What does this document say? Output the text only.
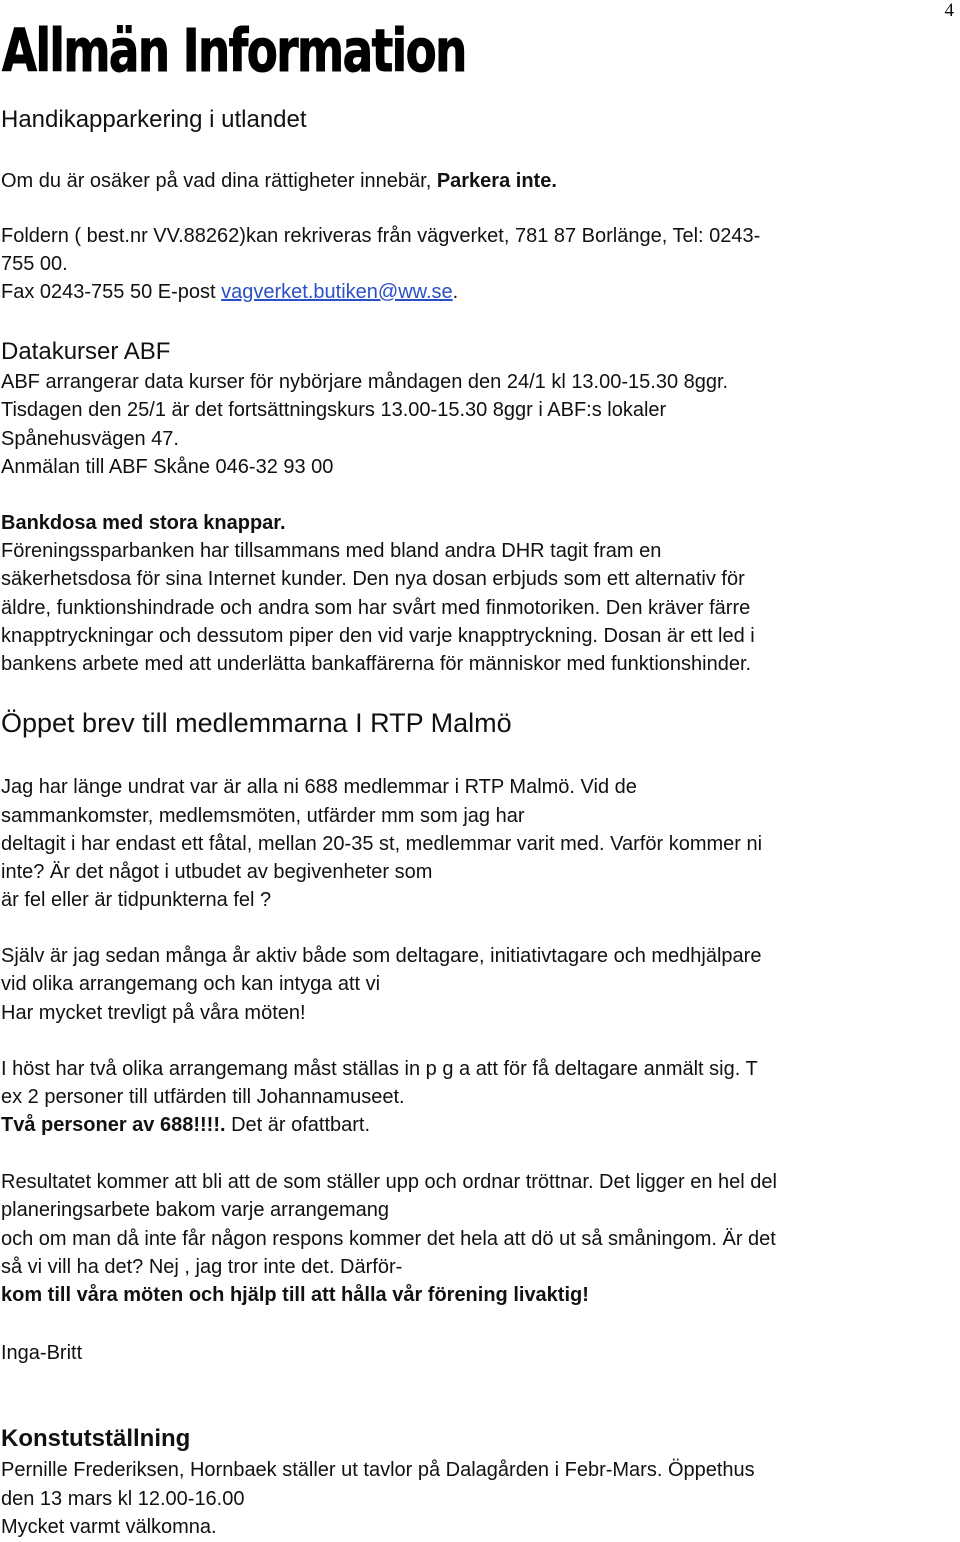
4
Allmän Information
Handikapparkering i utlandet
Om du är osäker på vad dina rättigheter innebär, Parkera inte.
Foldern ( best.nr VV.88262)kan rekriveras från vägverket, 781 87 Borlänge, Tel: 0243-
755 00.
Fax 0243-755 50 E-post vagverket.butiken@ww.se.
Datakurser ABF
ABF arrangerar data kurser för nybörjare måndagen den 24/1 kl 13.00-15.30 8ggr.
Tisdagen den 25/1 är det fortsättningskurs 13.00-15.30 8ggr i ABF:s lokaler
Spånehusvägen 47.
Anmälan till ABF Skåne 046-32 93 00
Bankdosa med stora knappar.
Föreningssparbanken har tillsammans med bland andra DHR tagit fram en
säkerhetsdosa för sina Internet kunder. Den nya dosan erbjuds som ett alternativ för
äldre, funktionshindrade och andra som har svårt med finmotoriken. Den kräver färre
knapptryckningar och dessutom piper den vid varje knapptryckning. Dosan är ett led i
bankens arbete med att underlätta bankaffärerna för människor med funktionshinder.
Öppet brev till medlemmarna I RTP Malmö
Jag har länge undrat var är alla ni 688 medlemmar i RTP Malmö. Vid de
sammankomster, medlemsmöten, utfärder mm som jag har
deltagit i har endast ett fåtal, mellan 20-35 st, medlemmar varit med. Varför kommer ni
inte? Är det något i utbudet av begivenheter som
är fel eller är tidpunkterna fel ?
Själv är jag sedan många år aktiv både som deltagare, initiativtagare och medhjälpare
vid olika arrangemang och kan intyga att vi
Har mycket trevligt på våra möten!
I höst har två olika arrangemang måst ställas in p g a att för få deltagare anmält sig. T
ex 2 personer till utfärden till Johannamuseet.
Två personer av 688!!!!. Det är ofattbart.
Resultatet kommer att bli att de som ställer upp och ordnar tröttnar. Det ligger en hel del
planeringsarbete bakom varje arrangemang
och om man då inte får någon respons kommer det hela att dö ut så småningom. Är det
så vi vill ha det? Nej , jag tror inte det. Därför-
kom till våra möten och hjälp till att hålla vår förening livaktig!
Inga-Britt
Konstutställning
Pernille Frederiksen, Hornbaek ställer ut tavlor på Dalagården i Febr-Mars. Öppethus
den 13 mars kl 12.00-16.00
Mycket varmt välkomna.
